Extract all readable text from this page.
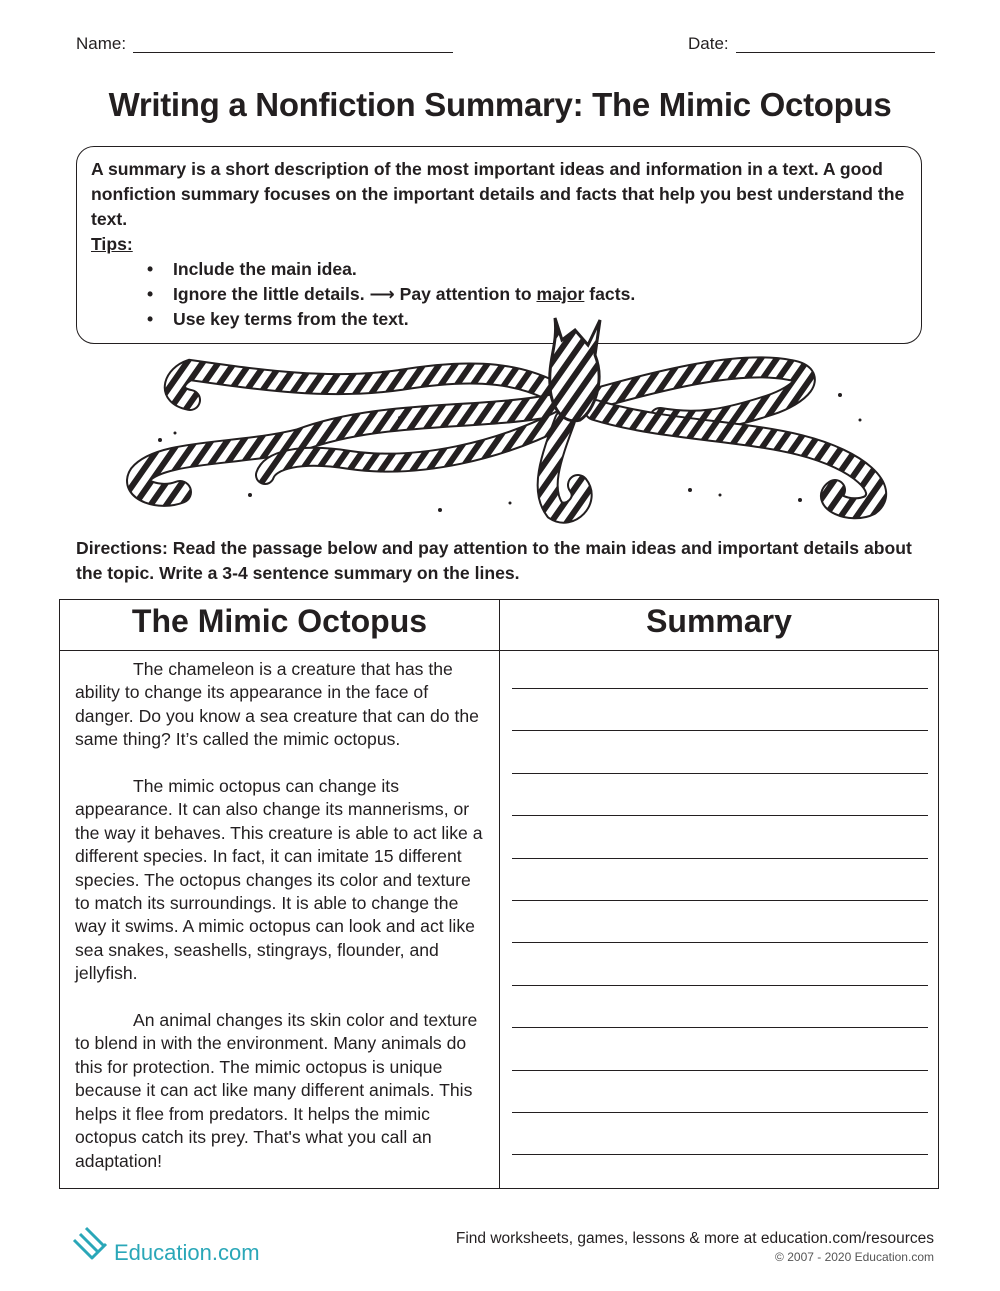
Name:	Date:
Writing a Nonfiction Summary: The Mimic Octopus

A summary is a short description of the most important ideas and information in a text. A good nonfiction summary focuses on the important details and facts that help you best understand the text.

Tips:
• Include the main idea.
• Ignore the little details. ⟶ Pay attention to major facts.
• Use key terms from the text.
Directions: Read the passage below and pay attention to the main ideas and important details about the topic. Write a 3-4 sentence summary on the lines.
The Mimic Octopus	Summary

The chameleon is a creature that has the ability to change its appearance in the face of danger. Do you know a sea creature that can do the same thing? It’s called the mimic octopus.

The mimic octopus can change its appearance. It can also change its mannerisms, or the way it behaves. This creature is able to act like a different species. In fact, it can imitate 15 different species. The octopus changes its color and texture to match its surroundings. It is able to change the way it swims. A mimic octopus can look and act like sea snakes, seashells, stingrays, flounder, and jellyfish.

An animal changes its skin color and texture to blend in with the environment. Many animals do this for protection. The mimic octopus is unique because it can act like many different animals. This helps it flee from predators. It helps the mimic octopus catch its prey. That's what you call an adaptation!

Education.com
Find worksheets, games, lessons & more at education.com/resources
© 2007 - 2020 Education.com
